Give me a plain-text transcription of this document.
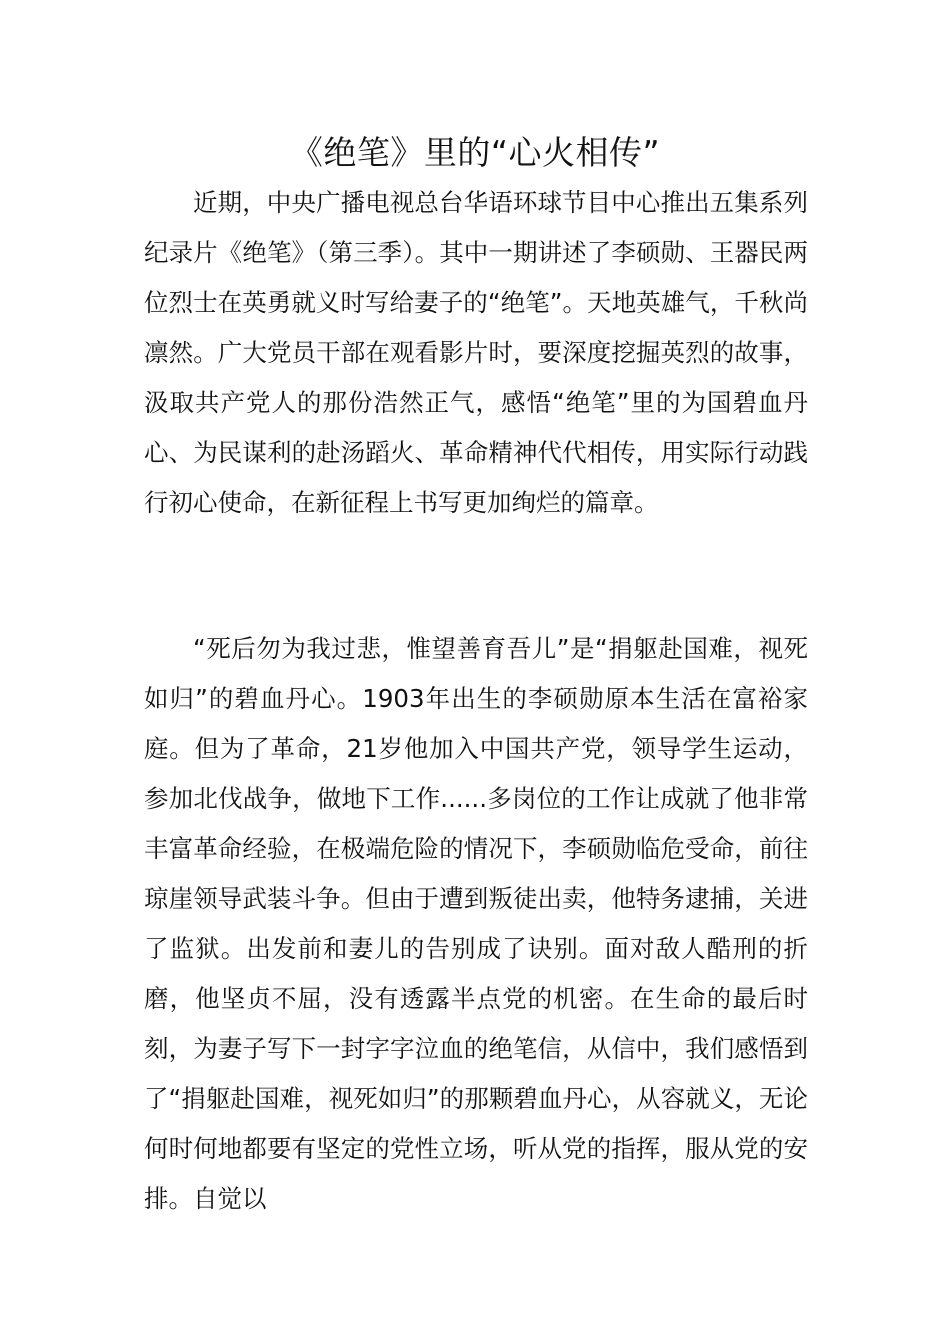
《绝笔》里的“心火相传”

近期，中央广播电视总台华语环球节目中心推出五集系列纪录片《绝笔》（第三季）。其中一期讲述了李硕勋、王器民两位烈士在英勇就义时写给妻子的“绝笔”。天地英雄气，千秋尚凛然。广大党员干部在观看影片时，要深度挖掘英烈的故事，汲取共产党人的那份浩然正气，感悟“绝笔”里的为国碧血丹心、为民谋利的赴汤蹈火、革命精神代代相传，用实际行动践行初心使命，在新征程上书写更加绚烂的篇章。

“死后勿为我过悲，惟望善育吾儿”是“捐躯赴国难，视死如归”的碧血丹心。1903年出生的李硕勋原本生活在富裕家庭。但为了革命，21岁他加入中国共产党，领导学生运动，参加北伐战争，做地下工作......多岗位的工作让成就了他非常丰富革命经验，在极端危险的情况下，李硕勋临危受命，前往琼崖领导武装斗争。但由于遭到叛徒出卖，他特务逮捕，关进了监狱。出发前和妻儿的告别成了诀别。面对敌人酷刑的折磨，他坚贞不屈，没有透露半点党的机密。在生命的最后时刻，为妻子写下一封字字泣血的绝笔信，从信中，我们感悟到了“捐躯赴国难，视死如归”的那颗碧血丹心，从容就义，无论何时何地都要有坚定的党性立场，听从党的指挥，服从党的安排。自觉以
